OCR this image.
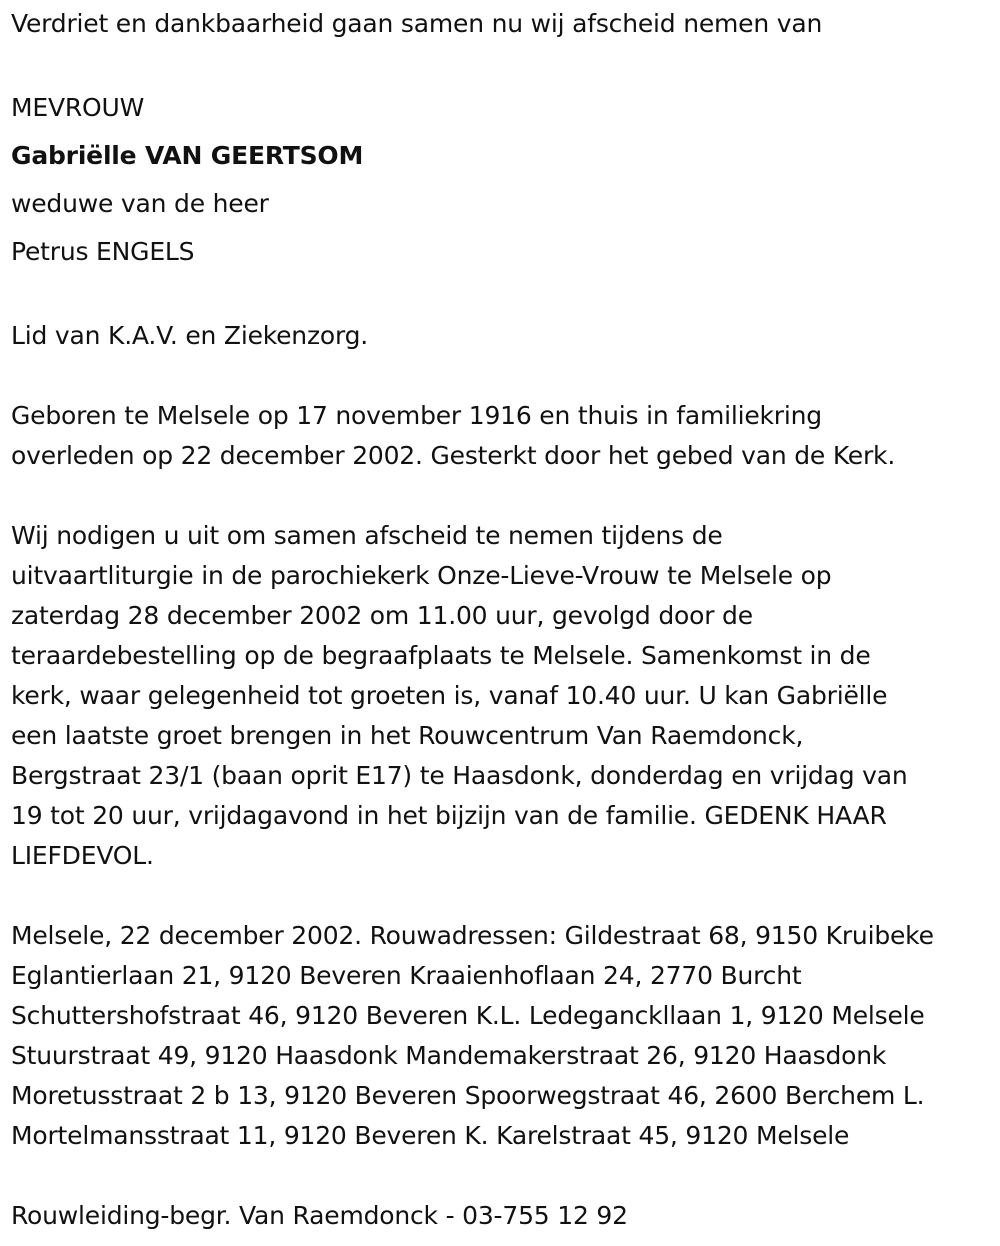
Verdriet en dankbaarheid gaan samen nu wij afscheid nemen van
MEVROUW
Gabriëlle VAN GEERTSOM
weduwe van de heer
Petrus ENGELS
Lid van K.A.V. en Ziekenzorg.
Geboren te Melsele op 17 november 1916 en thuis in familiekring
overleden op 22 december 2002. Gesterkt door het gebed van de Kerk.
Wij nodigen u uit om samen afscheid te nemen tijdens de
uitvaartliturgie in de parochiekerk Onze-Lieve-Vrouw te Melsele op
zaterdag 28 december 2002 om 11.00 uur, gevolgd door de
teraardebestelling op de begraafplaats te Melsele. Samenkomst in de
kerk, waar gelegenheid tot groeten is, vanaf 10.40 uur. U kan Gabriëlle
een laatste groet brengen in het Rouwcentrum Van Raemdonck,
Bergstraat 23/1 (baan oprit E17) te Haasdonk, donderdag en vrijdag van
19 tot 20 uur, vrijdagavond in het bijzijn van de familie. GEDENK HAAR
LIEFDEVOL.
Melsele, 22 december 2002. Rouwadressen: Gildestraat 68, 9150 Kruibeke
Eglantierlaan 21, 9120 Beveren Kraaienhoflaan 24, 2770 Burcht
Schuttershofstraat 46, 9120 Beveren K.L. Ledeganckllaan 1, 9120 Melsele
Stuurstraat 49, 9120 Haasdonk Mandemakerstraat 26, 9120 Haasdonk
Moretusstraat 2 b 13, 9120 Beveren Spoorwegstraat 46, 2600 Berchem L.
Mortelmansstraat 11, 9120 Beveren K. Karelstraat 45, 9120 Melsele
Rouwleiding-begr. Van Raemdonck - 03-755 12 92
